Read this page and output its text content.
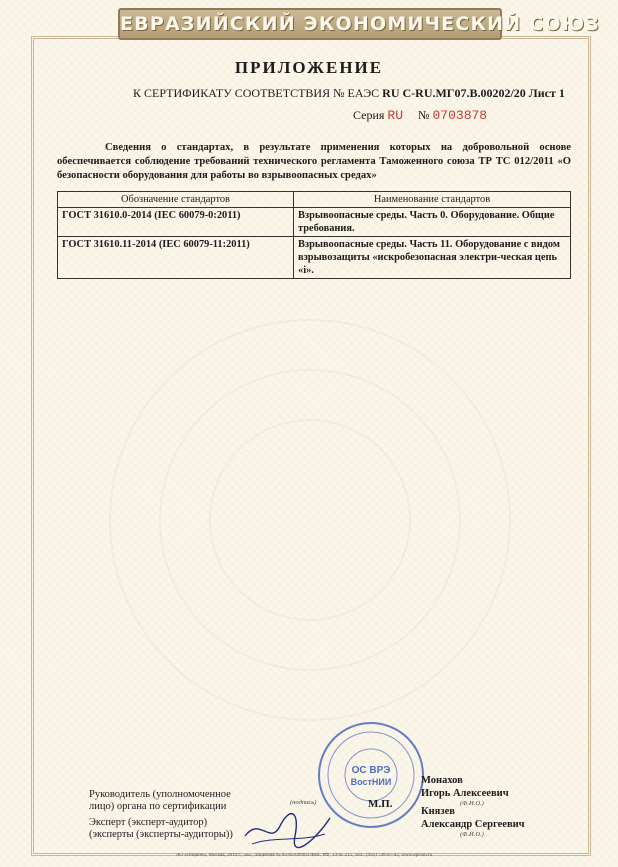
ЕВРАЗИЙСКИЙ ЭКОНОМИЧЕСКИЙ СОЮЗ
ПРИЛОЖЕНИЕ
К СЕРТИФИКАТУ СООТВЕТСТВИЯ № ЕАЭС RU С-RU.МГ07.В.00202/20 Лист 1
Серия RU № 0703878
Сведения о стандартах, в результате применения которых на добровольной основе обеспечивается соблюдение требований технического регламента Таможенного союза ТР ТС 012/2011 «О безопасности оборудования для работы во взрывоопасных средах»
Обозначение стандартов	Наименование стандартов
ГОСТ 31610.0-2014 (IEC 60079-0:2011)	Взрывоопасные среды. Часть 0. Оборудование. Общие требования.
ГОСТ 31610.11-2014 (IEC 60079-11:2011)	Взрывоопасные среды. Часть 11. Оборудование с видом взрывозащиты «искробезопасная электри-ческая цепь «i».
ОС ВРЭ
ВостНИИ
Руководитель (уполномоченное
лицо) органа по сертификации	(подпись)
Монахов
Игорь Алексеевич
(Ф.И.О.)
М.П.
Эксперт (эксперт-аудитор)
(эксперты (эксперты-аудиторы))
Князев
Александр Сергеевич
(Ф.И.О.)
АО «Опцион», Москва, 2019 г., «Б», Лицензия № 05-05-09/003 ФНС РФ, ТЗ № 215, Тел.: (495) 726-47-42, www.opcion.ru
